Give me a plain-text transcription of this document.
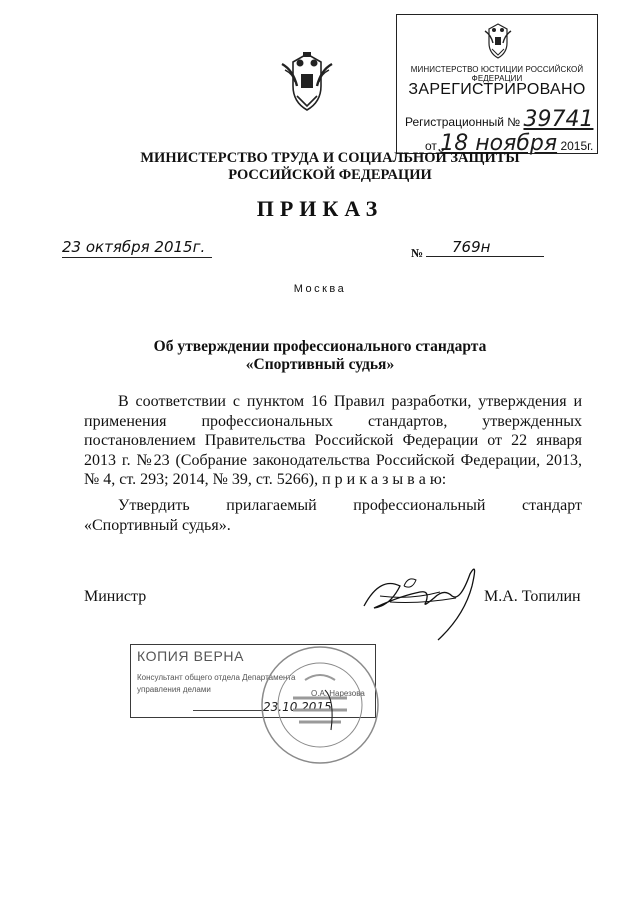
МИНИСТЕРСТВО ЮСТИЦИИ РОССИЙСКОЙ ФЕДЕРАЦИИ
ЗАРЕГИСТРИРОВАНО
Регистрационный № 39741
от 18 ноября 2015г.
МИНИСТЕРСТВО ТРУДА И СОЦИАЛЬНОЙ ЗАЩИТЫ
РОССИЙСКОЙ ФЕДЕРАЦИИ
ПРИКАЗ
23 октября 2015г.	№	769н
Москва
Об утверждении профессионального стандарта
«Спортивный судья»

В соответствии с пунктом 16 Правил разработки, утверждения и применения профессиональных стандартов, утвержденных постановлением Правительства Российской Федерации от 22 января 2013 г. №23 (Собрание законодательства Российской Федерации, 2013, № 4, ст. 293; 2014, № 39, ст. 5266), п р и к а з ы в а ю:

Утвердить прилагаемый профессиональный стандарт «Спортивный судья».

Министр	М.А. Топилин
КОПИЯ ВЕРНА
Консультант общего отдела Департамента
управления делами	О.А. Нарезова
23.10.2015
